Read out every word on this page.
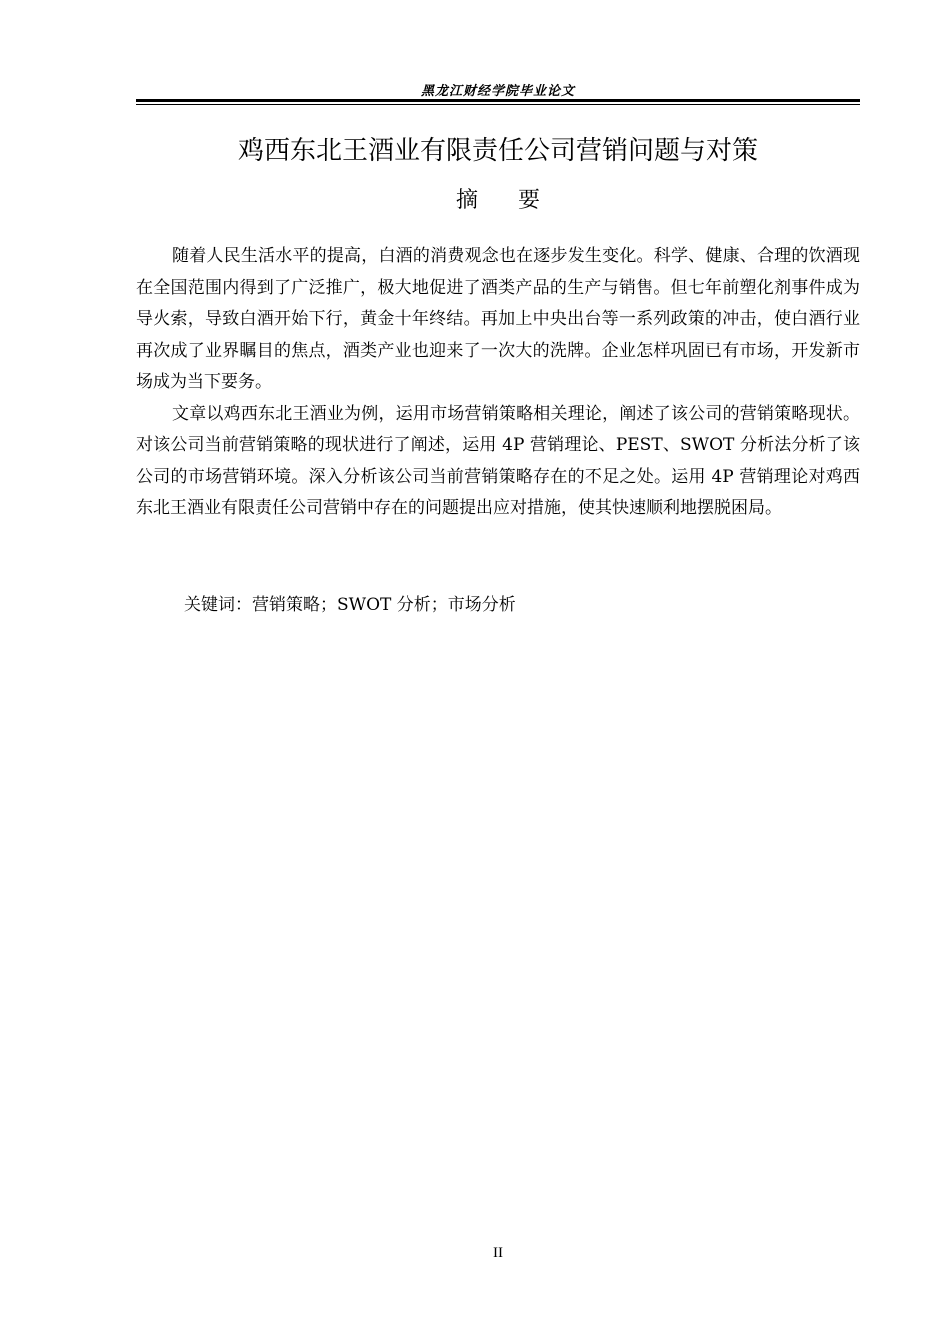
黑龙江财经学院毕业论文
鸡西东北王酒业有限责任公司营销问题与对策
摘要

随着人民生活水平的提高，白酒的消费观念也在逐步发生变化。科学、健康、合理的饮酒现在全国范围内得到了广泛推广，极大地促进了酒类产品的生产与销售。但七年前塑化剂事件成为导火索，导致白酒开始下行，黄金十年终结。再加上中央出台等一系列政策的冲击，使白酒行业再次成了业界瞩目的焦点，酒类产业也迎来了一次大的洗牌。企业怎样巩固已有市场，开发新市场成为当下要务。

文章以鸡西东北王酒业为例，运用市场营销策略相关理论，阐述了该公司的营销策略现状。对该公司当前营销策略的现状进行了阐述，运用 4P 营销理论、PEST、SWOT 分析法分析了该公司的市场营销环境。深入分析该公司当前营销策略存在的不足之处。运用 4P 营销理论对鸡西东北王酒业有限责任公司营销中存在的问题提出应对措施，使其快速顺利地摆脱困局。

关键词：营销策略；SWOT 分析；市场分析
II
